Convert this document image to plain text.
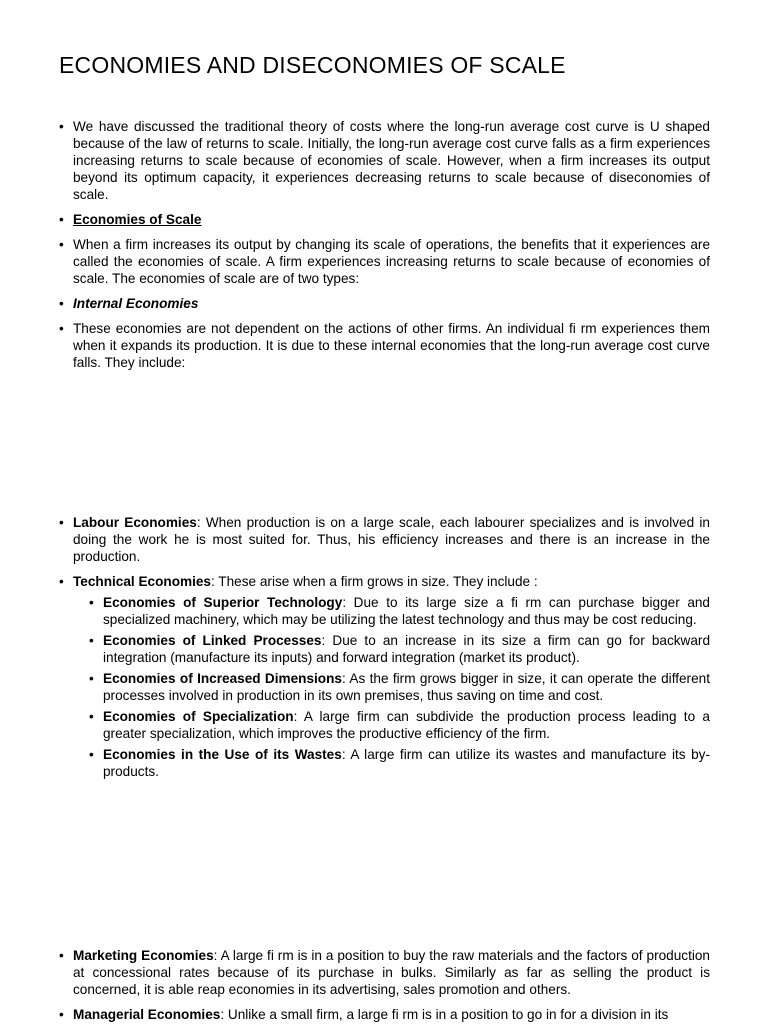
ECONOMIES AND DISECONOMIES OF SCALE
• We have discussed the traditional theory of costs where the long-run average cost curve is U shaped because of the law of returns to scale. Initially, the long-run average cost curve falls as a firm experiences increasing returns to scale because of economies of scale. However, when a firm increases its output beyond its optimum capacity, it experiences decreasing returns to scale because of diseconomies of scale.
• Economies of Scale
• When a firm increases its output by changing its scale of operations, the benefits that it experiences are called the economies of scale. A firm experiences increasing returns to scale because of economies of scale. The economies of scale are of two types:
• Internal Economies
• These economies are not dependent on the actions of other firms. An individual fi rm experiences them when it expands its production. It is due to these internal economies that the long-run average cost curve falls. They include:
• Labour Economies: When production is on a large scale, each labourer specializes and is involved in doing the work he is most suited for. Thus, his efficiency increases and there is an increase in the production.
• Technical Economies: These arise when a firm grows in size. They include :
• Economies of Superior Technology: Due to its large size a fi rm can purchase bigger and specialized machinery, which may be utilizing the latest technology and thus may be cost reducing.
• Economies of Linked Processes: Due to an increase in its size a firm can go for backward integration (manufacture its inputs) and forward integration (market its product).
• Economies of Increased Dimensions: As the firm grows bigger in size, it can operate the different processes involved in production in its own premises, thus saving on time and cost.
• Economies of Specialization: A large firm can subdivide the production process leading to a greater specialization, which improves the productive efficiency of the firm.
• Economies in the Use of its Wastes: A large firm can utilize its wastes and manufacture its by-products.
• Marketing Economies: A large fi rm is in a position to buy the raw materials and the factors of production at concessional rates because of its purchase in bulks. Similarly as far as selling the product is concerned, it is able reap economies in its advertising, sales promotion and others.
• Managerial Economies: Unlike a small firm, a large fi rm is in a position to go in for a division in its
